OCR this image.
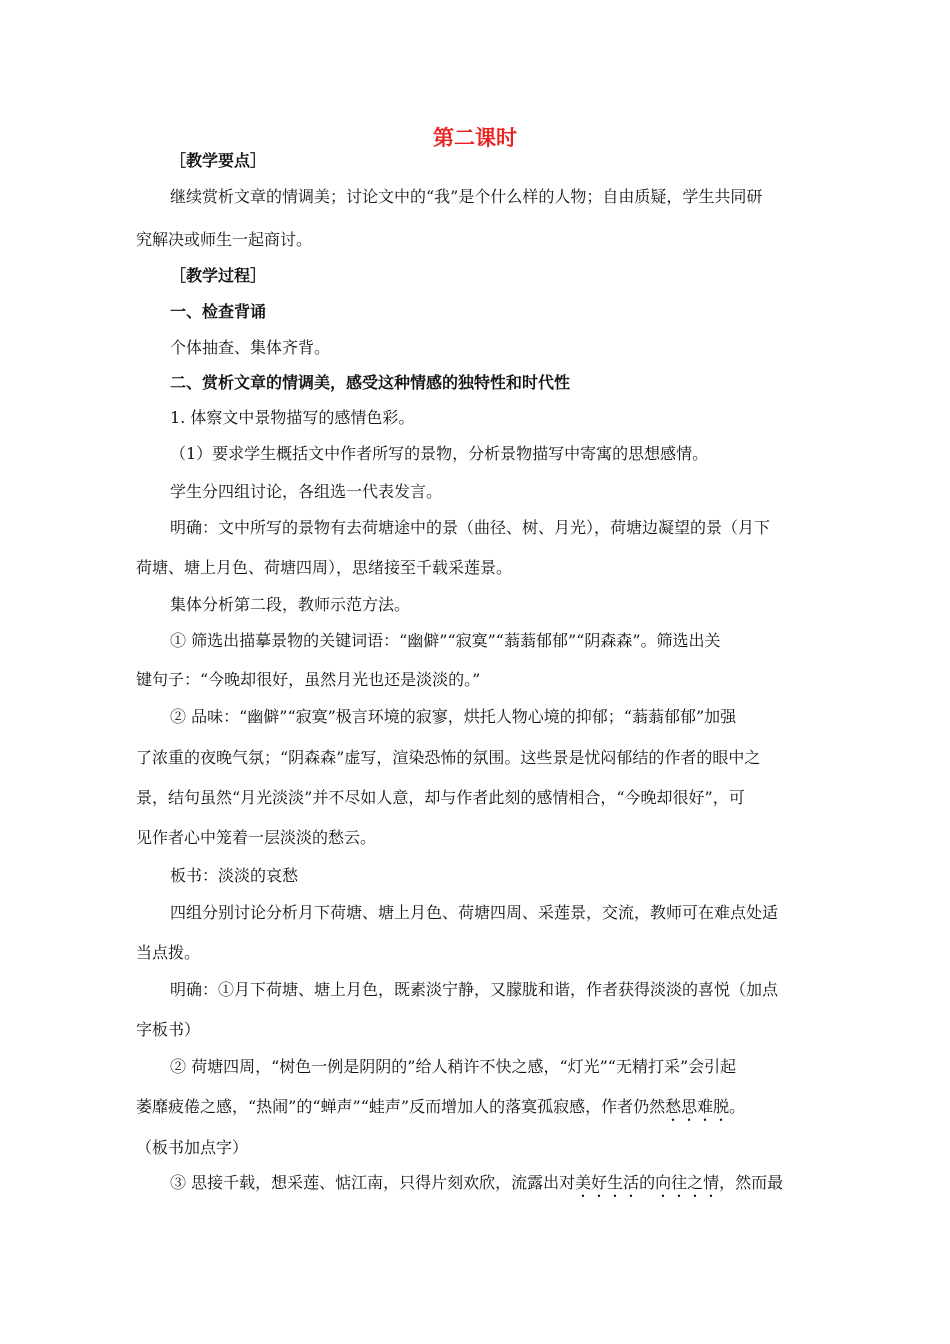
第二课时
［教学要点］
继续赏析文章的情调美；讨论文中的“我”是个什么样的人物；自由质疑，学生共同研
究解决或师生一起商讨。
［教学过程］
一、检查背诵
个体抽查、集体齐背。
二、赏析文章的情调美，感受这种情感的独特性和时代性
1. 体察文中景物描写的感情色彩。
（1）要求学生概括文中作者所写的景物，分析景物描写中寄寓的思想感情。
学生分四组讨论，各组选一代表发言。
明确：文中所写的景物有去荷塘途中的景（曲径、树、月光），荷塘边凝望的景（月下
荷塘、塘上月色、荷塘四周），思绪接至千载采莲景。
集体分析第二段，教师示范方法。
① 筛选出描摹景物的关键词语：“幽僻”“寂寞”“蓊蓊郁郁”“阴森森”。筛选出关
键句子：“今晚却很好，虽然月光也还是淡淡的。”
② 品味：“幽僻”“寂寞”极言环境的寂寥，烘托人物心境的抑郁；“蓊蓊郁郁”加强
了浓重的夜晚气氛；“阴森森”虚写，渲染恐怖的氛围。这些景是忧闷郁结的作者的眼中之
景，结句虽然“月光淡淡”并不尽如人意，却与作者此刻的感情相合，“今晚却很好”，可
见作者心中笼着一层淡淡的愁云。
板书：淡淡的哀愁
四组分别讨论分析月下荷塘、塘上月色、荷塘四周、采莲景，交流，教师可在难点处适
当点拨。
明确：①月下荷塘、塘上月色，既素淡宁静，又朦胧和谐，作者获得淡淡的喜悦（加点
字板书）
② 荷塘四周，“树色一例是阴阴的”给人稍许不快之感，“灯光”“无精打采”会引起
萎靡疲倦之感，“热闹”的“蝉声”“蛙声”反而增加人的落寞孤寂感，作者仍然愁思难脱。
（板书加点字）
③ 思接千载，想采莲、惦江南，只得片刻欢欣，流露出对美好生活的向往之情，然而最
